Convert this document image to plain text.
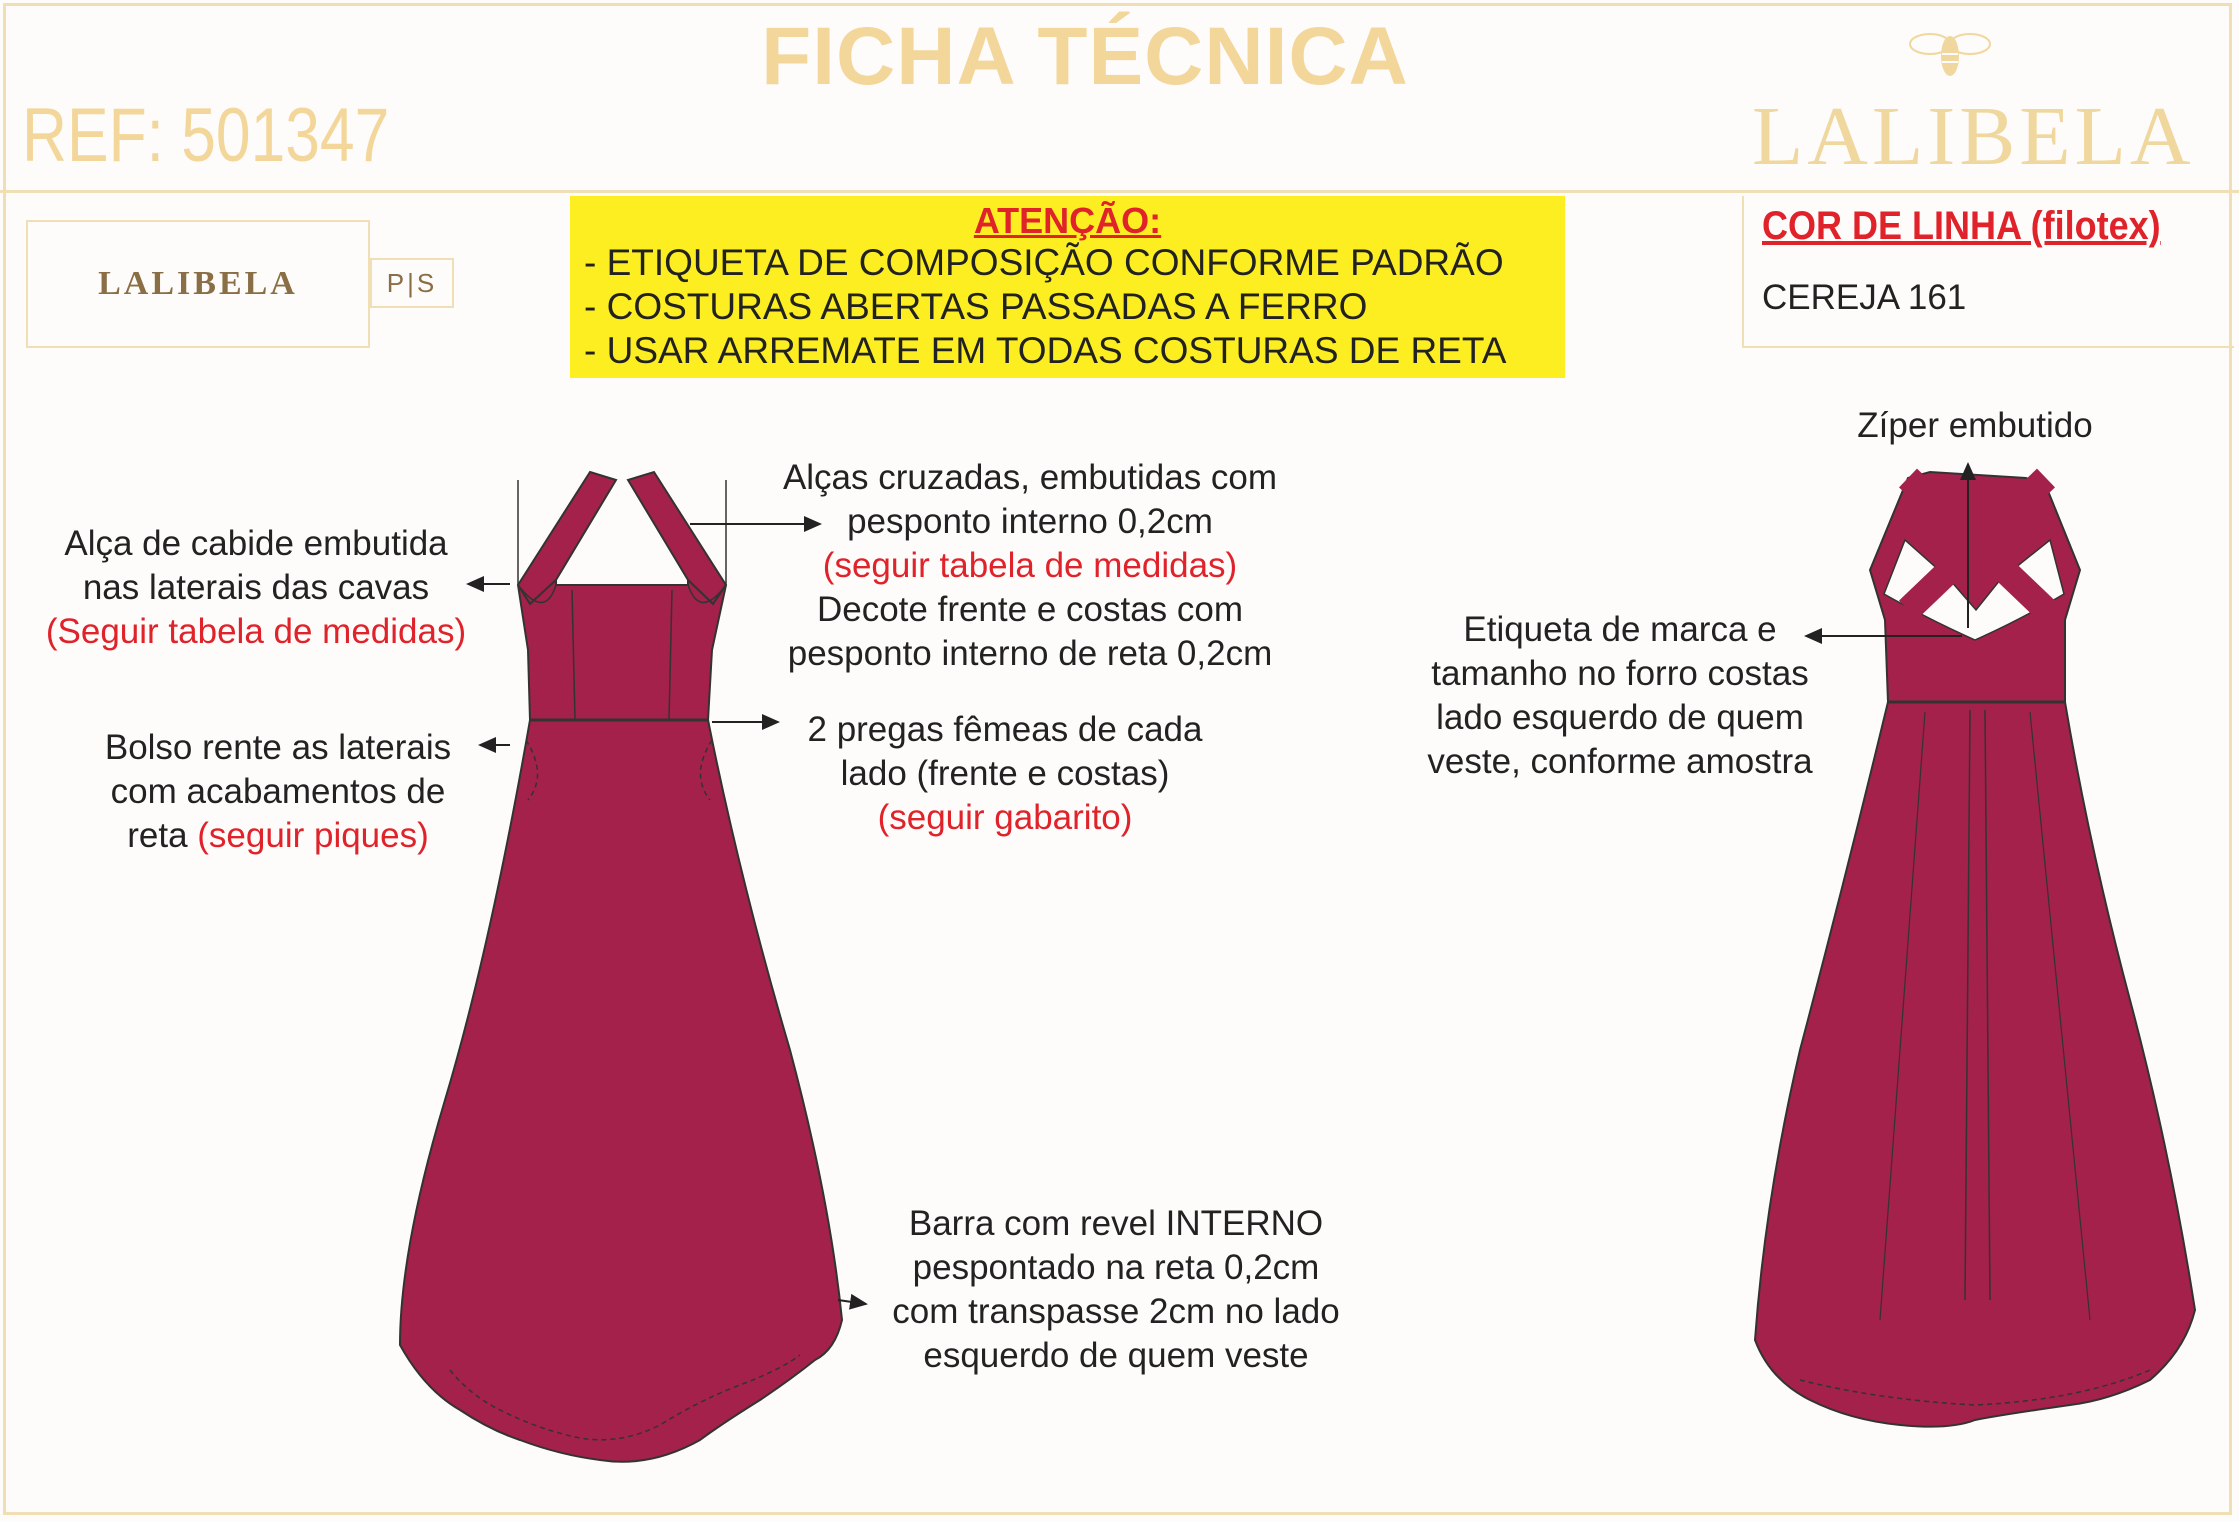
FICHA TÉCNICA
REF: 501347	LALIBELA
LALIBELA	P|S
ATENÇÃO:
- ETIQUETA DE COMPOSIÇÃO CONFORME PADRÃO
- COSTURAS ABERTAS PASSADAS A FERRO
- USAR ARREMATE EM TODAS COSTURAS DE RETA
COR DE LINHA (filotex)
CEREJA 161
Alça de cabide embutida
nas laterais das cavas
(Seguir tabela de medidas)
Bolso rente as laterais
com acabamentos de
reta (seguir piques)
Alças cruzadas, embutidas com
pesponto interno 0,2cm
(seguir tabela de medidas)
Decote frente e costas com
pesponto interno de reta 0,2cm
2 pregas fêmeas de cada
lado (frente e costas)
(seguir gabarito)
Barra com revel INTERNO
pespontado na reta 0,2cm
com transpasse 2cm no lado
esquerdo de quem veste
Zíper embutido
Etiqueta de marca e
tamanho no forro costas
lado esquerdo de quem
veste, conforme amostra
